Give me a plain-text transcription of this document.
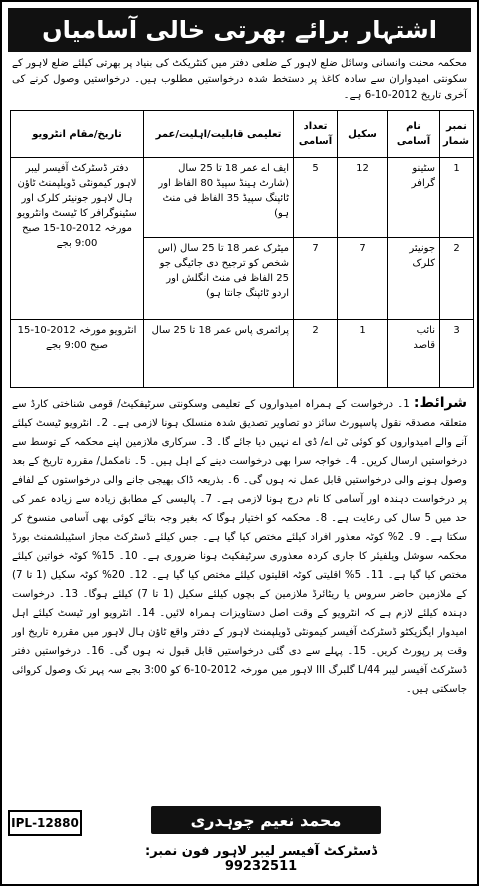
اشتہار برائے بھرتی خالی آسامیاں
محکمہ محنت وانسانی وسائل ضلع لاہور کے ضلعی دفتر میں کنٹریکٹ کی بنیاد پر بھرتی کیلئے ضلع لاہور کے سکونتی امیدواران سے سادہ کاغذ پر دستخط شدہ درخواستیں مطلوب ہیں۔ درخواستیں وصول کرنے کی آخری تاریخ 2012-10-6 ہے۔
نمبر شمار	نام آسامی	سکیل	تعداد آسامی	تعلیمی قابلیت/اہلیت/عمر	تاریخ/مقام انٹرویو
1	سٹینو گرافر	12	5	ایف اے عمر 18 تا 25 سال (شارٹ ہینڈ سپیڈ 80 الفاظ اور ٹائپنگ سپیڈ 35 الفاظ فی منٹ ہو)	دفتر ڈسٹرکٹ آفیسر لیبر لاہور کیمونٹی ڈویلپمنٹ ٹاؤن ہال لاہور جونیئر کلرک اور سٹینوگرافر کا ٹیسٹ وانٹرویو مورخہ 2012-10-15 صبح 9:00 بجے
2	جونیئر کلرک	7	7	میٹرک عمر 18 تا 25 سال (اس شخص کو ترجیح دی جائیگی جو 25 الفاظ فی منٹ انگلش اور اردو ٹائپنگ جانتا ہو)	
3	نائب قاصد	1	2	پرائمری پاس عمر 18 تا 25 سال	انٹرویو مورخہ 2012-10-15 صبح 9:00 بجے
شرائط: 1۔ درخواست کے ہمراہ امیدواروں کے تعلیمی وسکونتی سرٹیفکیٹ/ قومی شناختی کارڈ سے متعلقہ مصدقہ نقول پاسپورٹ سائز دو تصاویر تصدیق شدہ منسلک ہونا لازمی ہے۔ 2۔ انٹرویو ٹیسٹ کیلئے آنے والے امیدواروں کو کوئی ٹی اے/ ڈی اے نہیں دیا جائے گا۔ 3۔ سرکاری ملازمین اپنے محکمہ کے توسط سے درخواستیں ارسال کریں۔ 4۔ خواجہ سرا بھی درخواست دینے کے اہل ہیں۔ 5۔ نامکمل/ مقررہ تاریخ کے بعد وصول ہونے والی درخواستیں قابل عمل نہ ہوں گی۔ 6۔ بذریعہ ڈاک بھیجی جانے والی درخواستوں کے لفافے پر درخواست دہندہ اور آسامی کا نام درج ہونا لازمی ہے۔ 7۔ پالیسی کے مطابق زیادہ سے زیادہ عمر کی حد میں 5 سال کی رعایت ہے۔ 8۔ محکمہ کو اختیار ہوگا کہ بغیر وجہ بتائے کوئی بھی آسامی منسوخ کر سکتا ہے۔ 9۔ 2% کوٹہ معذور افراد کیلئے مختص کیا گیا ہے۔ جس کیلئے ڈسٹرکٹ مجاز اسٹیبلشمنٹ بورڈ محکمہ سوشل ویلفیئر کا جاری کردہ معذوری سرٹیفکیٹ ہونا ضروری ہے۔ 10۔ 15% کوٹہ خواتین کیلئے مختص کیا گیا ہے۔ 11۔ 5% اقلیتی کوٹہ اقلیتوں کیلئے مختص کیا گیا ہے۔ 12۔ 20% کوٹہ سکیل (1 تا 7) کے ملازمین حاضر سروس یا ریٹائرڈ ملازمین کے بچوں کیلئے سکیل (1 تا 7) کیلئے ہوگا۔ 13۔ درخواست دہندہ کیلئے لازم ہے کہ انٹرویو کے وقت اصل دستاویزات ہمراہ لائیں۔ 14۔ انٹرویو اور ٹیسٹ کیلئے اہل امیدوار ایگزیکٹو ڈسٹرکٹ آفیسر کیمونٹی ڈویلپمنٹ لاہور کے دفتر واقع ٹاؤن ہال لاہور میں مقررہ تاریخ اور وقت پر رپورٹ کریں۔ 15۔ پہلے سے دی گئی درخواستیں قابل قبول نہ ہوں گی۔ 16۔ درخواستیں دفتر ڈسٹرکٹ آفیسر لیبر 44/L گلبرگ III لاہور میں مورخہ 2012-10-6 کو 3:00 بجے سہ پہر تک وصول کروائی جاسکتی ہیں۔
IPL-12880	محمد نعیم چوہدری
ڈسٹرکٹ آفیسر لیبر لاہور فون نمبر: 99232511
